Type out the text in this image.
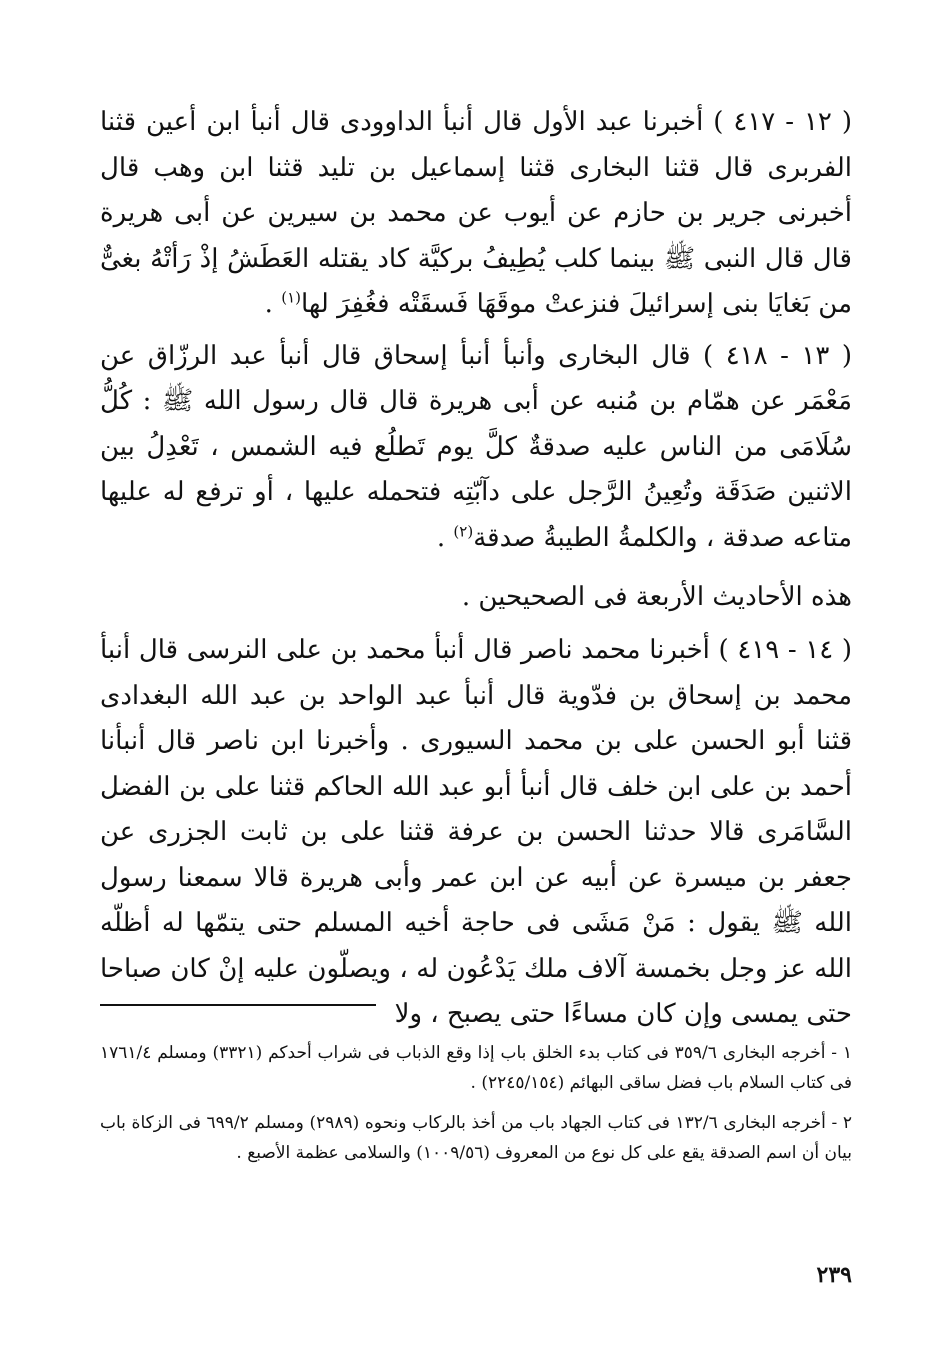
( ١٢ - ٤١٧ ) أخبرنا عبد الأول قال أنبأ الداوودى قال أنبأ ابن أعين قثنا الفربرى قال قثنا البخارى قثنا إسماعيل بن تليد قثنا ابن وهب قال أخبرنى جرير بن حازم عن أيوب عن محمد بن سيرين عن أبى هريرة قال قال النبى ﷺ بينما كلب يُطِيفُ بركيَّة كاد يقتله العَطَشُ إذْ رَأتْهُ بغىٌّ من بَغايَا بنى إسرائيلَ فنزعتْ موقَهَا فَسقَتْه فغُفِرَ لها$^{(١)}$ .

( ١٣ - ٤١٨ ) قال البخارى وأنبأ أنبأ إسحاق قال أنبأ عبد الرزّاق عن مَعْمَر عن همّام بن مُنبه عن أبى هريرة قال قال رسول الله ﷺ : كُلُّ سُلَامَى من الناس عليه صدقةٌ كلَّ يوم تَطلُع فيه الشمس ، تَعْدِلُ بين الاثنين صَدَقَة وتُعِينُ الرَّجل على دآبّتِه فتحمله عليها ، أو ترفع له عليها متاعه صدقة ، والكلمةُ الطيبةُ صدقة$^{(٢)}$ .

هذه الأحاديث الأربعة فى الصحيحين .

( ١٤ - ٤١٩ ) أخبرنا محمد ناصر قال أنبأ محمد بن على النرسى قال أنبأ محمد بن إسحاق بن فدّوية قال أنبأ عبد الواحد بن عبد الله البغدادى قثنا أبو الحسن على بن محمد السيورى . وأخبرنا ابن ناصر قال أنبأنا أحمد بن على ابن خلف قال أنبأ أبو عبد الله الحاكم قثنا على بن الفضل السَّامَرى قالا حدثنا الحسن بن عرفة قثنا على بن ثابت الجزرى عن جعفر بن ميسرة عن أبيه عن ابن عمر وأبى هريرة قالا سمعنا رسول الله ﷺ يقول : مَنْ مَشَى فى حاجة أخيه المسلم حتى يتمّها له أظلّه الله عز وجل بخمسة آلاف ملك يَدْعُون له ، ويصلّون عليه إنْ كان صباحا حتى يمسى وإن كان مساءًا حتى يصبح ، ولا

١ - أخرجه البخارى ٣٥٩/٦ فى كتاب بدء الخلق باب إذا وقع الذباب فى شراب أحدكم (٣٣٢١) ومسلم ١٧٦١/٤ فى كتاب السلام باب فضل ساقى البهائم (٢٢٤٥/١٥٤) .

٢ - أخرجه البخارى ١٣٢/٦ فى كتاب الجهاد باب من أخذ بالركاب ونحوه (٢٩٨٩) ومسلم ٦٩٩/٢ فى الزكاة باب بيان أن اسم الصدقة يقع على كل نوع من المعروف (١٠٠٩/٥٦) والسلامى عظمة الأصبع .

٢٣٩
